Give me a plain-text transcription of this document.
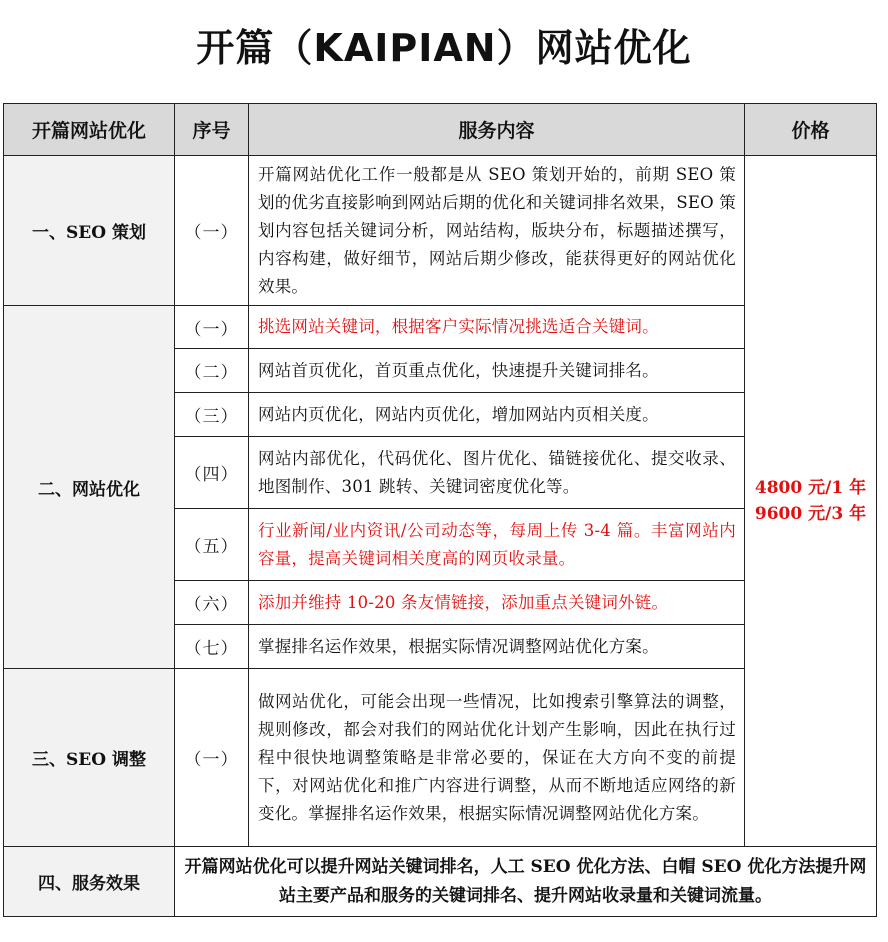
开篇（KAIPIAN）网站优化
开篇网站优化	序号	服务内容	价格
一、SEO 策划	（一）	开篇网站优化工作一般都是从 SEO 策划开始的，前期 SEO 策划的优劣直接影响到网站后期的优化和关键词排名效果，SEO 策划内容包括关键词分析，网站结构，版块分布，标题描述撰写，内容构建，做好细节，网站后期少修改，能获得更好的网站优化效果。	4800 元/1 年
9600 元/3 年

二、网站优化	（一）	挑选网站关键词，根据客户实际情况挑选适合关键词。	
	（二）	网站首页优化，首页重点优化，快速提升关键词排名。	
	（三）	网站内页优化，网站内页优化，增加网站内页相关度。	
	（四）	网站内部优化，代码优化、图片优化、锚链接优化、提交收录、地图制作、301 跳转、关键词密度优化等。	
	（五）	行业新闻/业内资讯/公司动态等，每周上传 3-4 篇。丰富网站内容量，提高关键词相关度高的网页收录量。	
	（六）	添加并维持 10-20 条友情链接，添加重点关键词外链。	
	（七）	掌握排名运作效果，根据实际情况调整网站优化方案。	
三、SEO 调整	（一）	做网站优化，可能会出现一些情况，比如搜索引擎算法的调整，规则修改，都会对我们的网站优化计划产生影响，因此在执行过程中很快地调整策略是非常必要的，保证在大方向不变的前提下，对网站优化和推广内容进行调整，从而不断地适应网络的新变化。掌握排名运作效果，根据实际情况调整网站优化方案。	
四、服务效果	开篇网站优化可以提升网站关键词排名，人工 SEO 优化方法、白帽 SEO 优化方法提升网站主要产品和服务的关键词排名、提升网站收录量和关键词流量。		
